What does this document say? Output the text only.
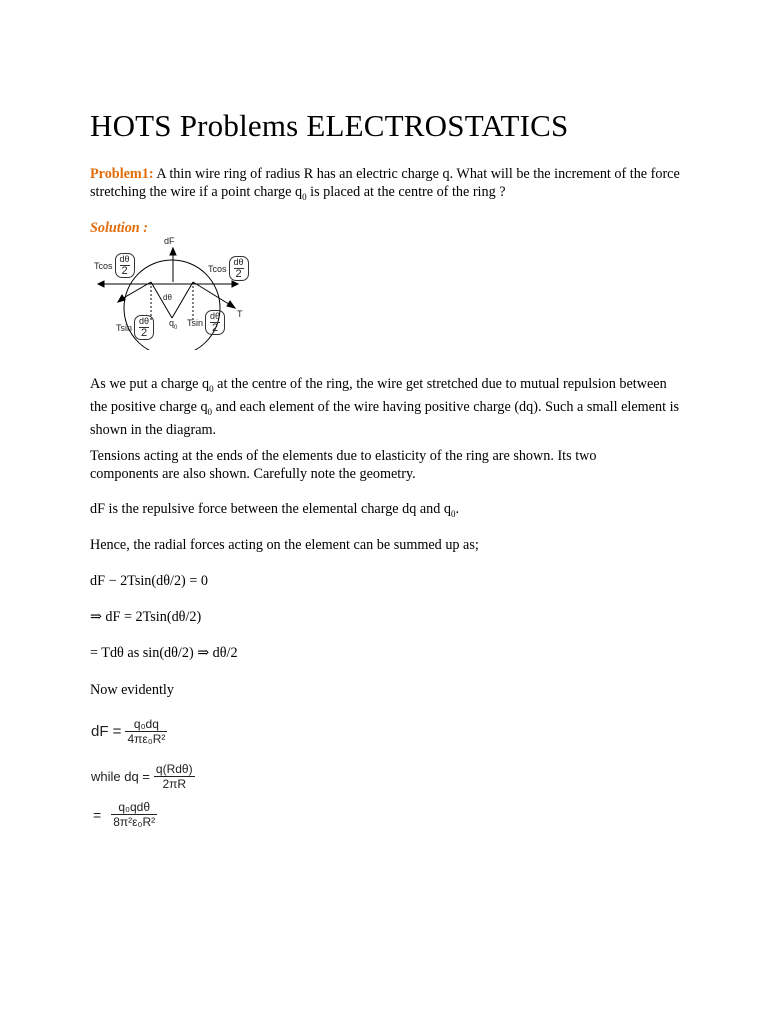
HOTS Problems ELECTROSTATICS
Problem1: A thin wire ring of radius R has an electric charge q. What will be the increment of the force stretching the wire if a point charge $q_0$ is placed at the centre of the ring ?
Solution :
dF
Tcos
dθ
2	Tcos
dθ
2
dθ
Tsin
dθ
2
$q_0$
Tsin
dθ
2
T
As we put a charge $q_0$ at the centre of the ring, the wire get stretched due to mutual repulsion between the positive charge $q_0$ and each element of the wire having positive charge (dq). Such a small element is shown in the diagram.
Tensions acting at the ends of the elements due to elasticity of the ring are shown. Its two components are also shown. Carefully note the geometry.
dF is the repulsive force between the elemental charge dq and $q_0$.
Hence, the radial forces acting on the element can be summed up as;
dF − 2Tsin(dθ/2) = 0
⇒ dF = 2Tsin(dθ/2)
= Tdθ as sin(dθ/2) ⇒ dθ/2
Now evidently
dF = $\frac{\text{q₀dq}}{\text{4πε₀R²}}$
while dq = $\frac{\text{q(Rdθ)}}{2\pi R}$
= $\frac{\text{q₀qdθ}}{\text{8π²ε₀R²}}$
